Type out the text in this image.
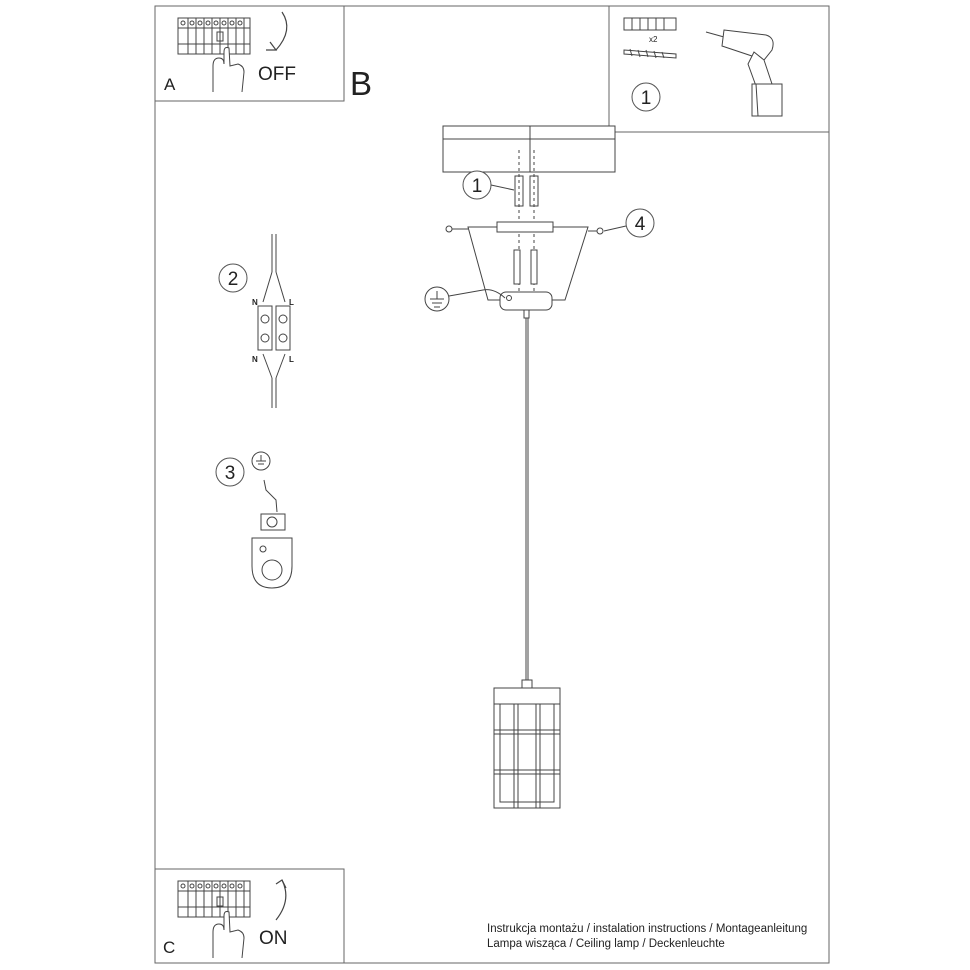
A	OFF B
x2
1
1
4
2
N	L
N	L
3
C	ON	Instrukcja montażu / instalation instructions / Montageanleitung
Lampa wisząca / Ceiling lamp / Deckenleuchte
